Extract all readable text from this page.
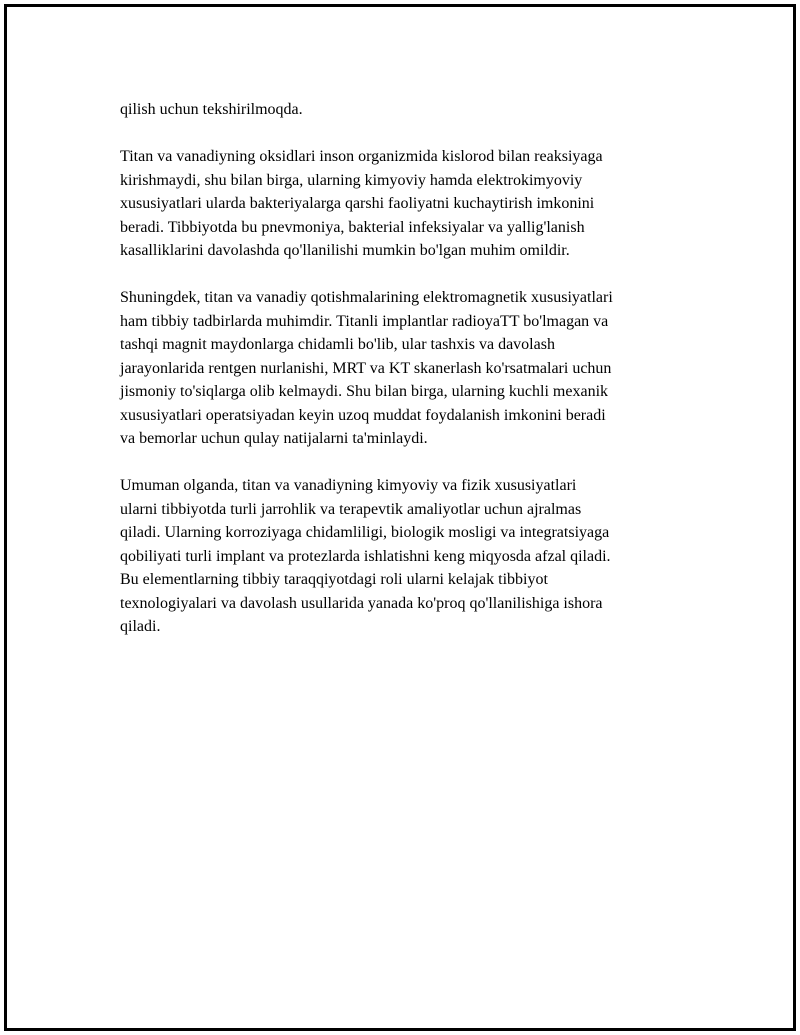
qilish uchun tekshirilmoqda.
Titan va vanadiyning oksidlari inson organizmida kislorod bilan reaksiyaga
kirishmaydi, shu bilan birga, ularning kimyoviy hamda elektrokimyoviy
xususiyatlari ularda bakteriyalarga qarshi faoliyatni kuchaytirish imkonini
beradi. Tibbiyotda bu pnevmoniya, bakterial infeksiyalar va yallig'lanish
kasalliklarini davolashda qo'llanilishi mumkin bo'lgan muhim omildir.
Shuningdek, titan va vanadiy qotishmalarining elektromagnetik xususiyatlari
ham tibbiy tadbirlarda muhimdir. Titanli implantlar radioyaTT bo'lmagan va
tashqi magnit maydonlarga chidamli bo'lib, ular tashxis va davolash
jarayonlarida rentgen nurlanishi, MRT va KT skanerlash ko'rsatmalari uchun
jismoniy to'siqlarga olib kelmaydi. Shu bilan birga, ularning kuchli mexanik
xususiyatlari operatsiyadan keyin uzoq muddat foydalanish imkonini beradi
va bemorlar uchun qulay natijalarni ta'minlaydi.
Umuman olganda, titan va vanadiyning kimyoviy va fizik xususiyatlari
ularni tibbiyotda turli jarrohlik va terapevtik amaliyotlar uchun ajralmas
qiladi. Ularning korroziyaga chidamliligi, biologik mosligi va integratsiyaga
qobiliyati turli implant va protezlarda ishlatishni keng miqyosda afzal qiladi.
Bu elementlarning tibbiy taraqqiyotdagi roli ularni kelajak tibbiyot
texnologiyalari va davolash usullarida yanada ko'proq qo'llanilishiga ishora
qiladi.
